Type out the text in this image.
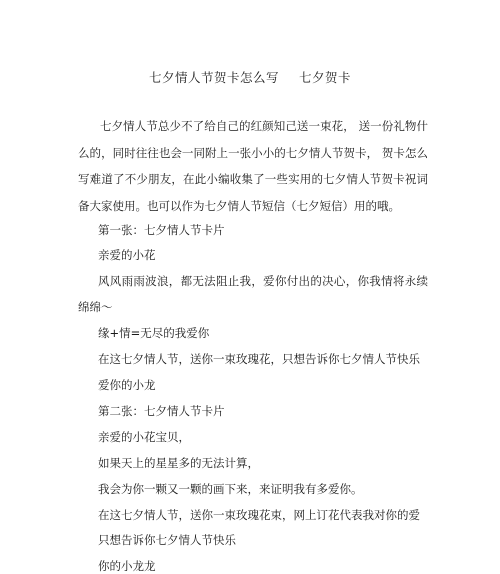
七夕情人节贺卡怎么写 七夕贺卡

七夕情人节总少不了给自己的红颜知己送一束花， 送一份礼物什 么的，同时往往也会一同附上一张小小的七夕情人节贺卡， 贺卡怎么 写难道了不少朋友，在此小编收集了一些实用的七夕情人节贺卡祝词 备大家使用。也可以作为七夕情人节短信（七夕短信）用的哦。

第一张：七夕情人节卡片

亲爱的小花

风风雨雨波浪，都无法阻止我，爱你付出的决心，你我情将永续绵绵～

缘+情=无尽的我爱你

在这七夕情人节，送你一束玫瑰花，只想告诉你七夕情人节快乐

爱你的小龙

第二张：七夕情人节卡片

亲爱的小花宝贝，

如果天上的星星多的无法计算，

我会为你一颗又一颗的画下来，来证明我有多爱你。

在这七夕情人节，送你一束玫瑰花束，网上订花代表我对你的爱

只想告诉你七夕情人节快乐

你的小龙龙
